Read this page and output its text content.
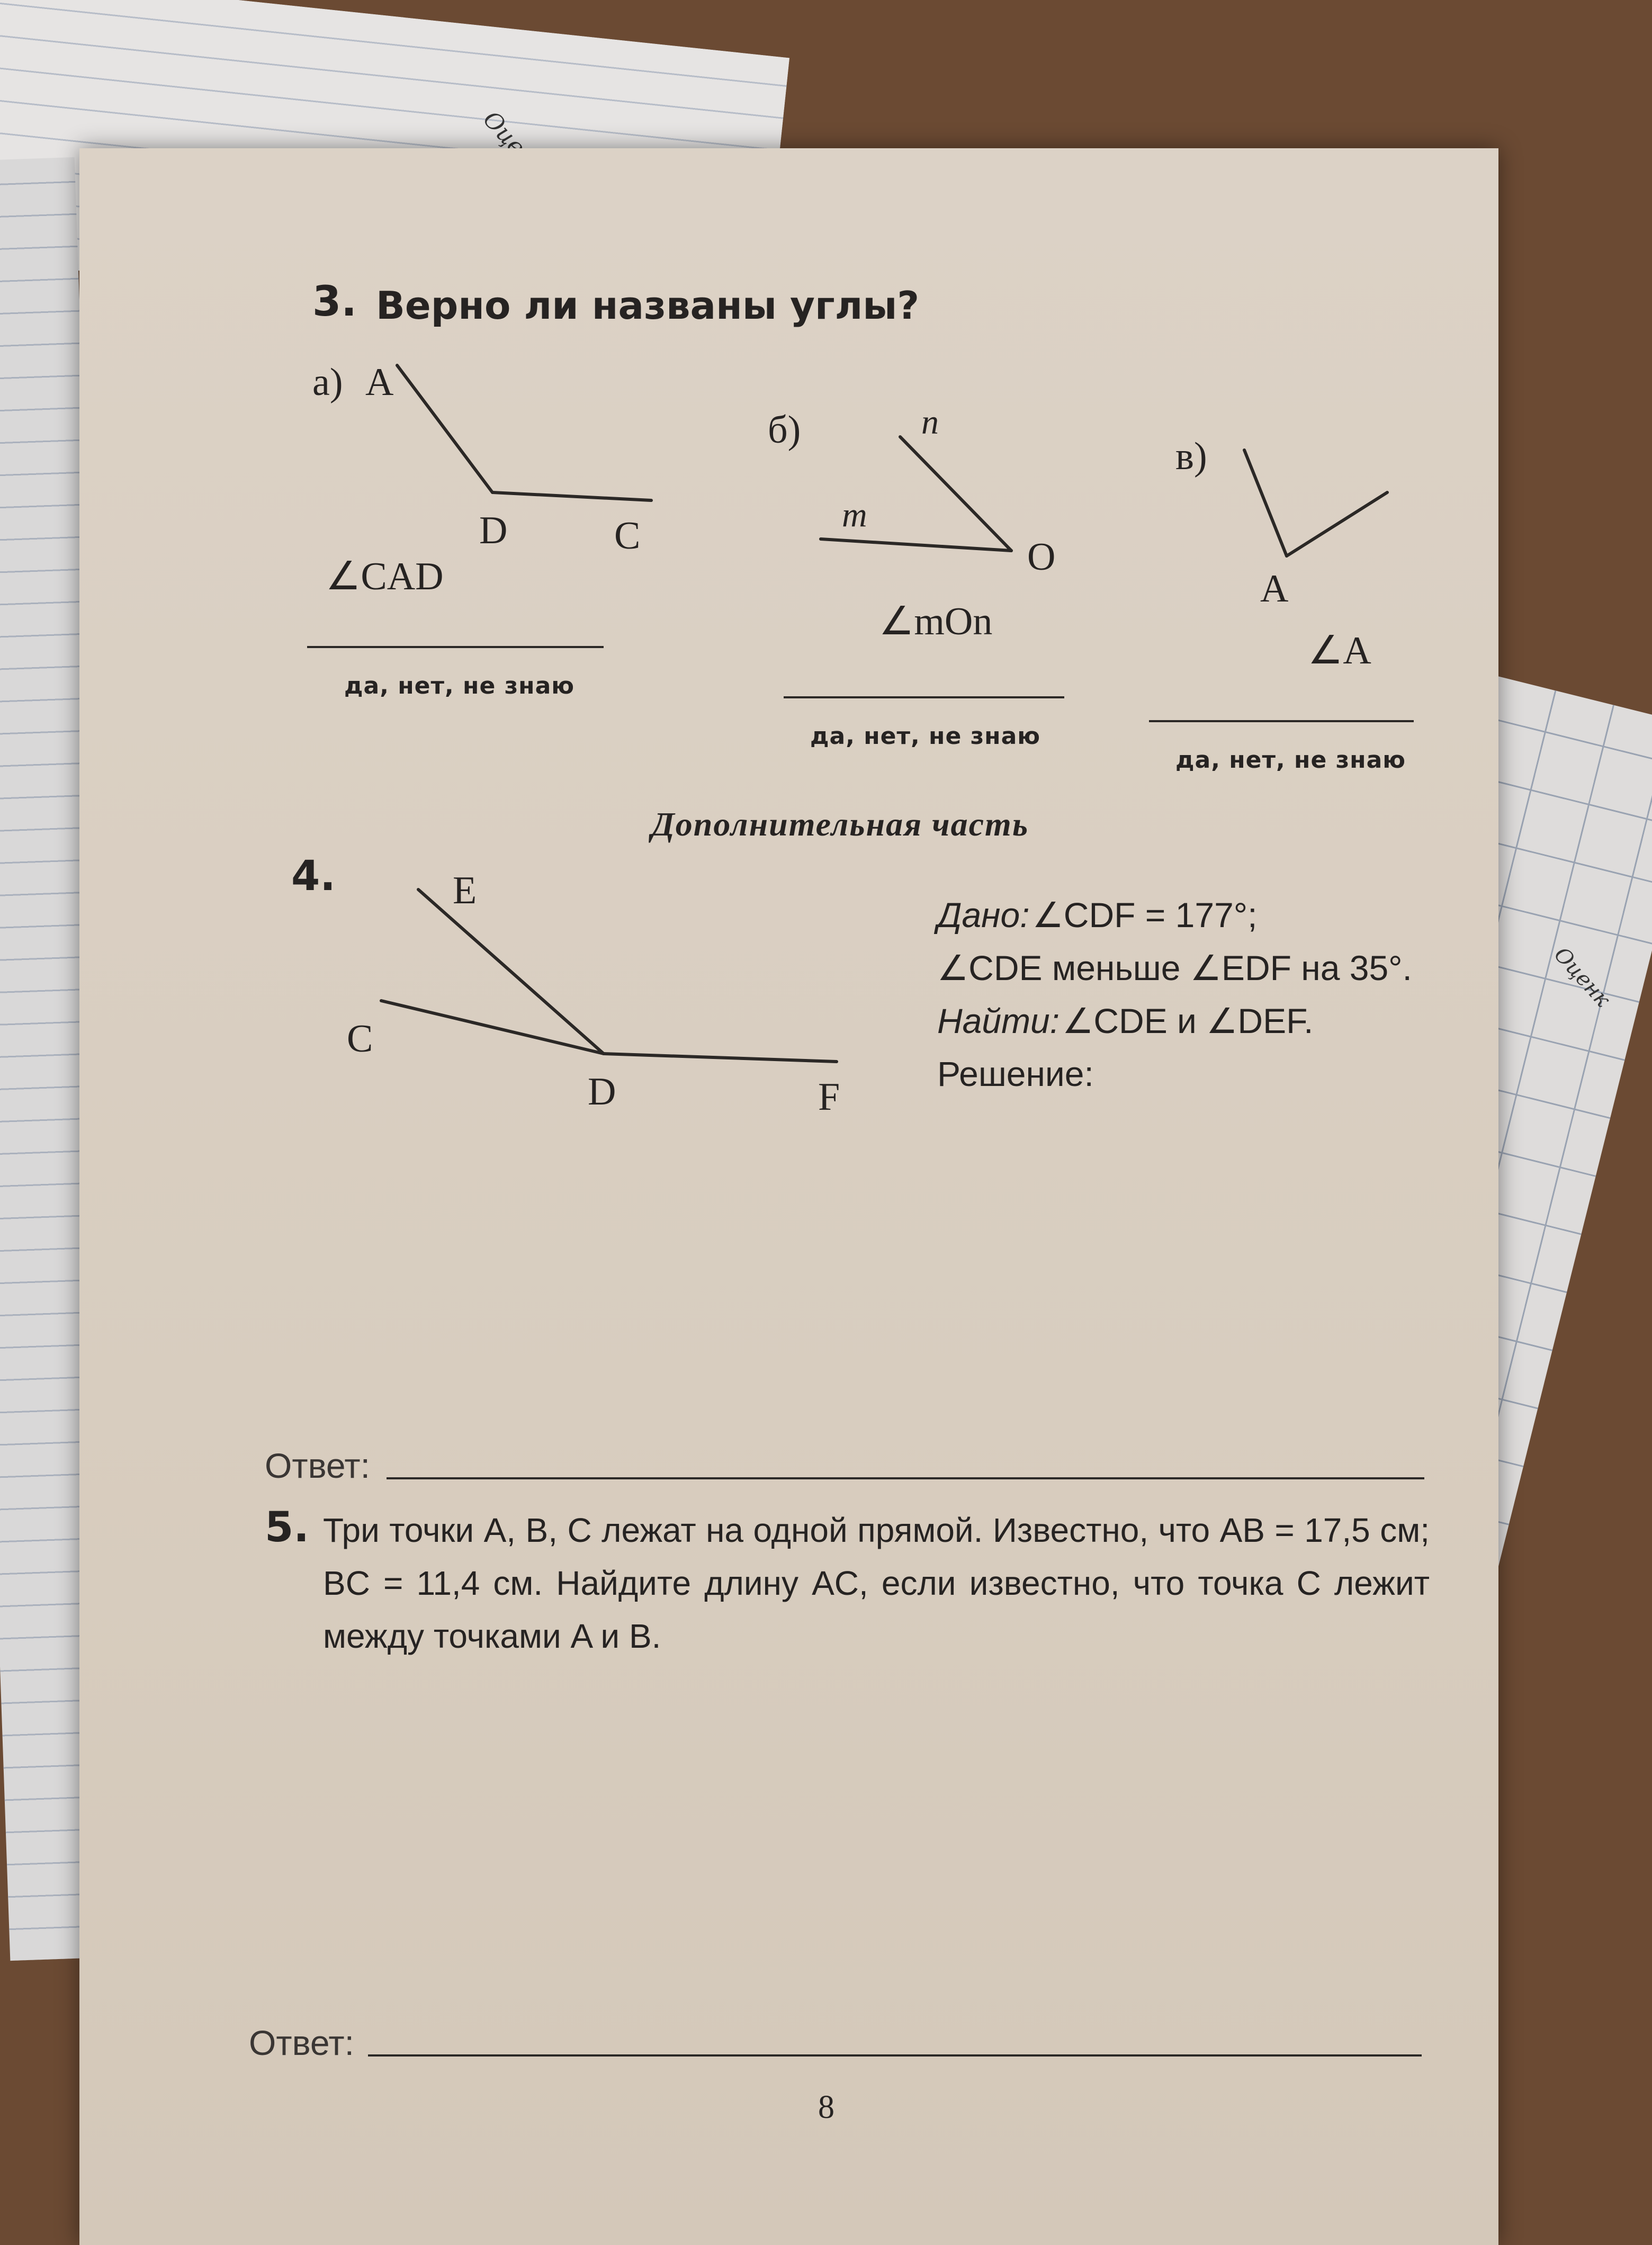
Оценк
3. Верно ли названы углы?
а) A
D	C
∠CAD
да, нет, не знаю
б)	n
m
O
∠mOn
да, нет, не знаю
в)
A
∠A
да, нет, не знаю
Дополнительная часть
4.	E
C
D	F
Дано: ∠CDF = 177°;
∠CDE меньше ∠EDF на 35°.
Найти: ∠CDE и ∠DEF.
Решение:
Ответ:
5. Три точки A, B, C лежат на одной прямой. Известно, что AB = 17,5 см; BC = 11,4 см. Найдите длину AC, если известно, что точка C лежит между точками A и B.
Ответ:
8
